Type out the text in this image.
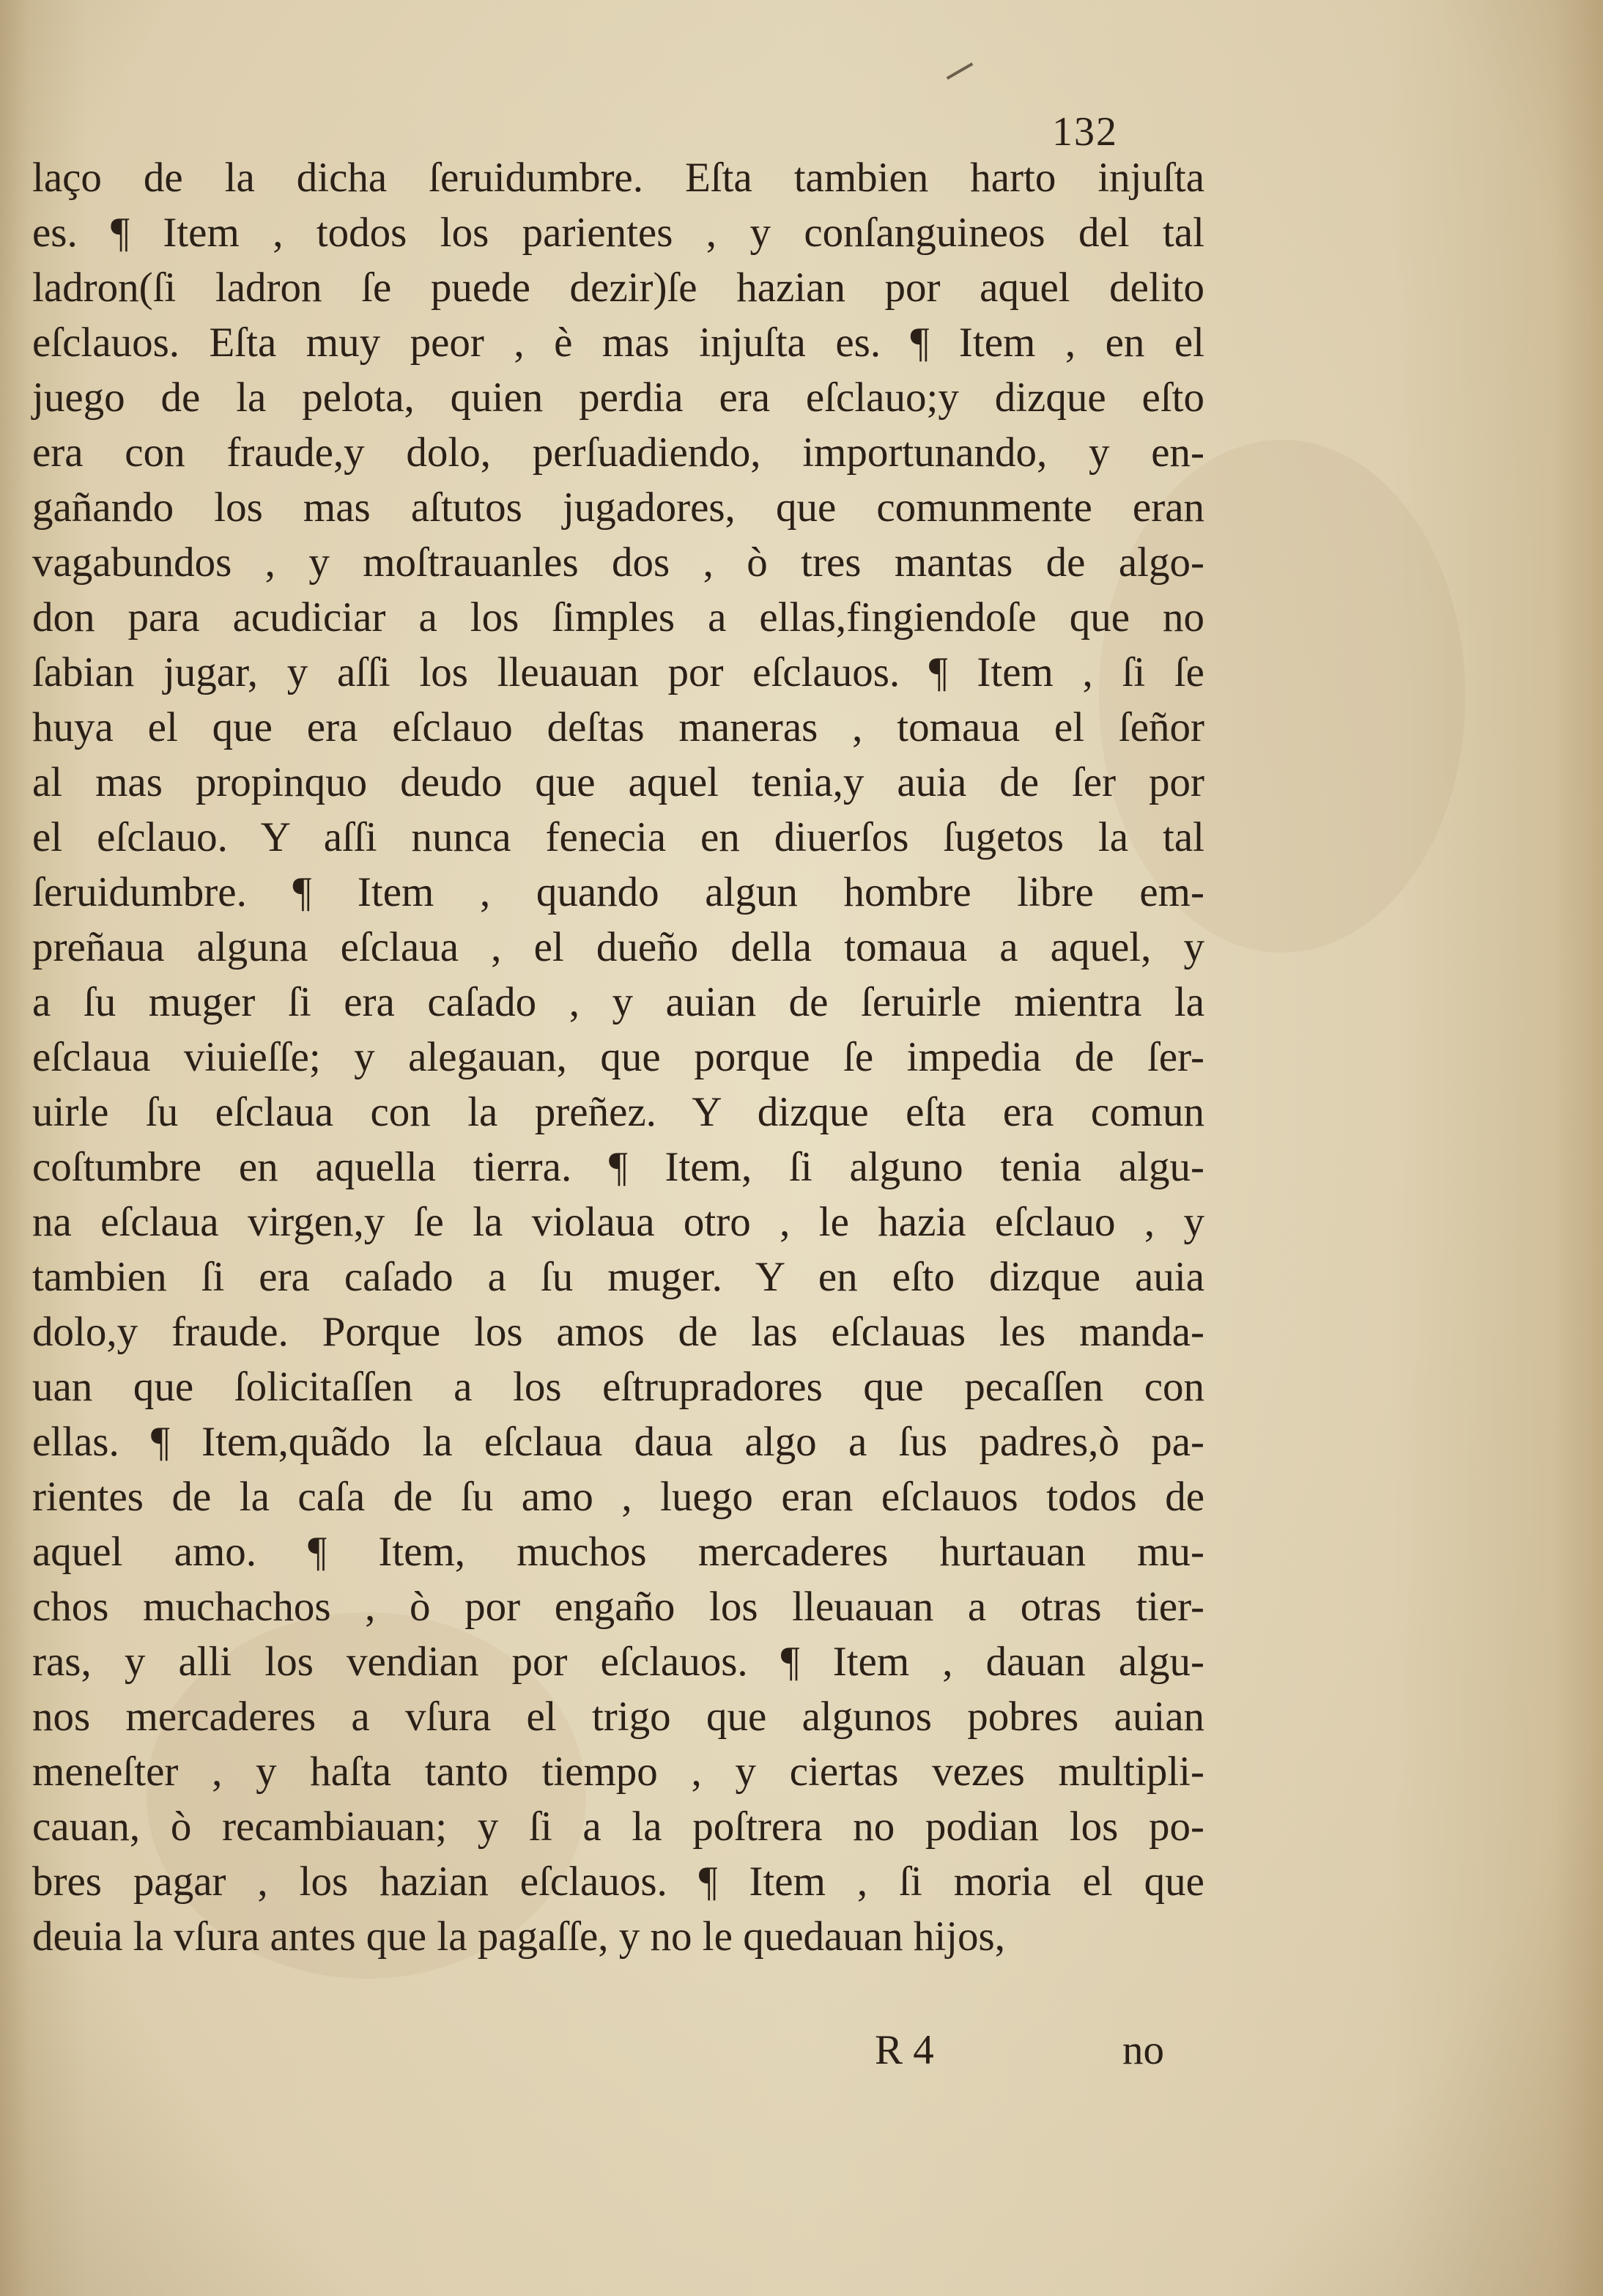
132
laço de la dicha ſeruidumbre. Eſta tambien harto injuſta
es. ¶ Item , todos los parientes , y conſanguineos del tal
ladron(ſi ladron ſe puede dezir)ſe hazian por aquel delito
eſclauos. Eſta muy peor , è mas injuſta es. ¶ Item , en el
juego de la pelota, quien perdia era eſclauo;y dizque eſto
era con fraude,y dolo, perſuadiendo, importunando, y en-
gañando los mas aſtutos jugadores, que comunmente eran
vagabundos , y moſtrauanles dos , ò tres mantas de algo-
don para acudiciar a los ſimples a ellas,fingiendoſe que no
ſabian jugar, y aſſi los lleuauan por eſclauos. ¶ Item , ſi ſe
huya el que era eſclauo deſtas maneras , tomaua el ſeñor
al mas propinquo deudo que aquel tenia,y auia de ſer por
el eſclauo. Y aſſi nunca fenecia en diuerſos ſugetos la tal
ſeruidumbre. ¶ Item , quando algun hombre libre em-
preñaua alguna eſclaua , el dueño della tomaua a aquel, y
a ſu muger ſi era caſado , y auian de ſeruirle mientra la
eſclaua viuieſſe; y alegauan, que porque ſe impedia de ſer-
uirle ſu eſclaua con la preñez. Y dizque eſta era comun
coſtumbre en aquella tierra. ¶ Item, ſi alguno tenia algu-
na eſclaua virgen,y ſe la violaua otro , le hazia eſclauo , y
tambien ſi era caſado a ſu muger. Y en eſto dizque auia
dolo,y fraude. Porque los amos de las eſclauas les manda-
uan que ſolicitaſſen a los eſtrupradores que pecaſſen con
ellas. ¶ Item,quãdo la eſclaua daua algo a ſus padres,ò pa-
rientes de la caſa de ſu amo , luego eran eſclauos todos de
aquel amo. ¶ Item, muchos mercaderes hurtauan mu-
chos muchachos , ò por engaño los lleuauan a otras tier-
ras, y alli los vendian por eſclauos. ¶ Item , dauan algu-
nos mercaderes a vſura el trigo que algunos pobres auian
meneſter , y haſta tanto tiempo , y ciertas vezes multipli-
cauan, ò recambiauan; y ſi a la poſtrera no podian los po-
bres pagar , los hazian eſclauos. ¶ Item , ſi moria el que
deuia la vſura antes que la pagaſſe, y no le quedauan hijos,
R 4	no
